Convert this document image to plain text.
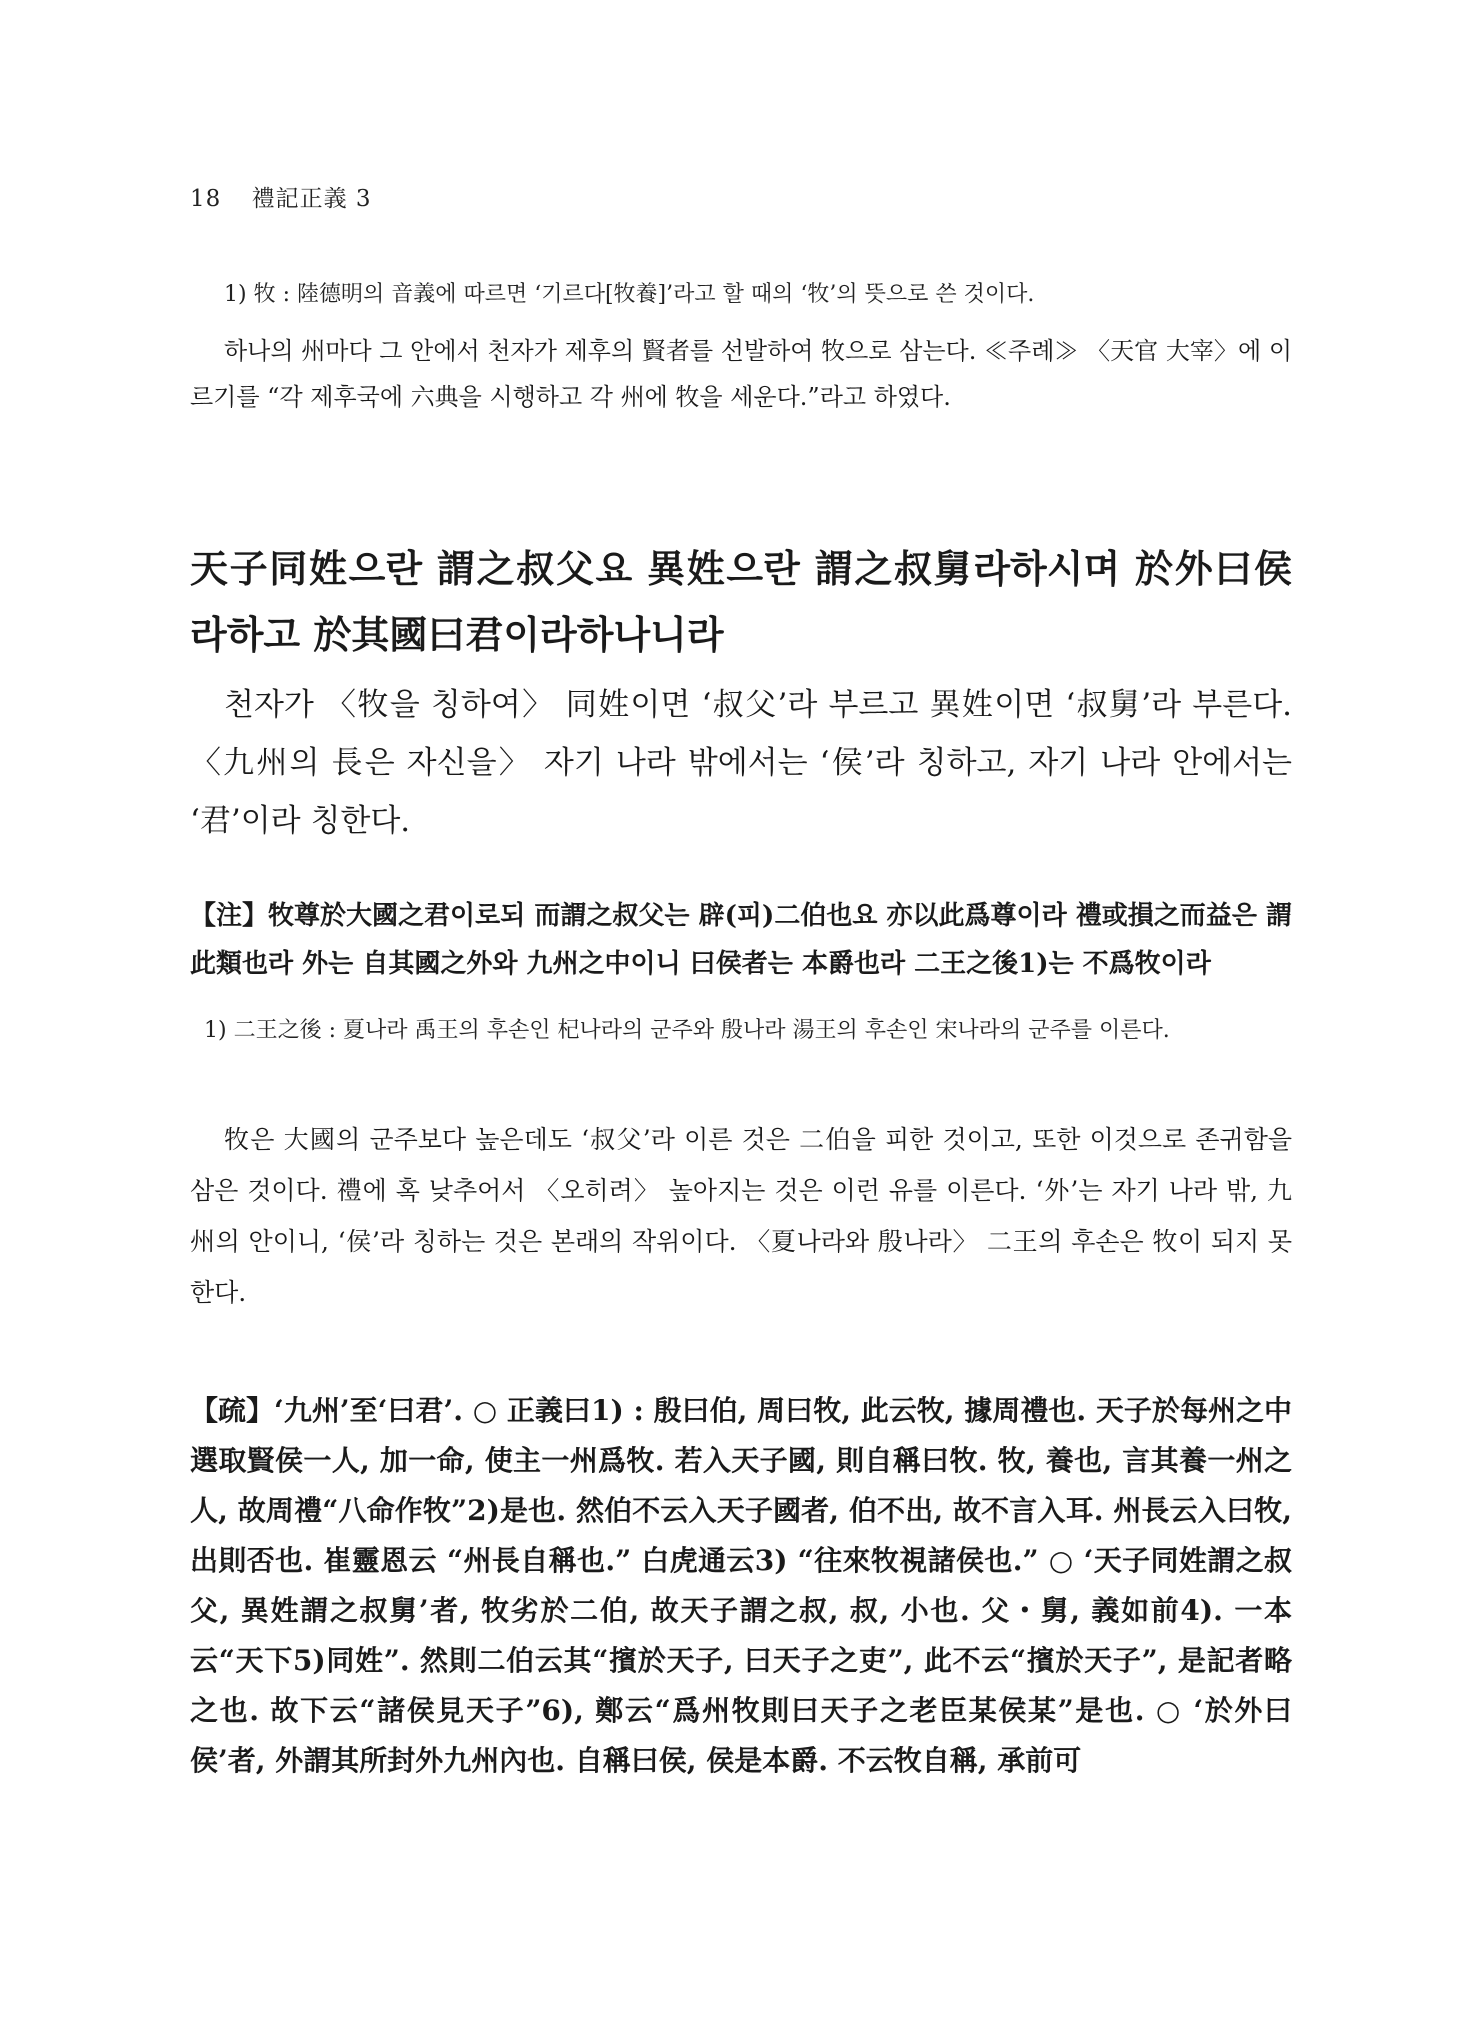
18 禮記正義 3

1) 牧 : 陸德明의 音義에 따르면 ‘기르다[牧養]’라고 할 때의 ‘牧’의 뜻으로 쓴 것이다.

하나의 州마다 그 안에서 천자가 제후의 賢者를 선발하여 牧으로 삼는다. ≪주례≫ 〈天官 大宰〉에 이르기를 “각 제후국에 六典을 시행하고 각 州에 牧을 세운다.”라고 하였다.

天子同姓으란 謂之叔父요 異姓으란 謂之叔舅라하시며 於外曰侯라하고 於其國曰君이라하나니라

천자가 〈牧을 칭하여〉 同姓이면 ‘叔父’라 부르고 異姓이면 ‘叔舅’라 부른다. 〈九州의 長은 자신을〉 자기 나라 밖에서는 ‘侯’라 칭하고, 자기 나라 안에서는 ‘君’이라 칭한다.

【注】牧尊於大國之君이로되 而謂之叔父는 辟(피)二伯也요 亦以此爲尊이라 禮或損之而益은 謂此類也라 外는 自其國之外와 九州之中이니 曰侯者는 本爵也라 二王之後1)는 不爲牧이라

1) 二王之後 : 夏나라 禹王의 후손인 杞나라의 군주와 殷나라 湯王의 후손인 宋나라의 군주를 이른다.

牧은 大國의 군주보다 높은데도 ‘叔父’라 이른 것은 二伯을 피한 것이고, 또한 이것으로 존귀함을 삼은 것이다. 禮에 혹 낮추어서 〈오히려〉 높아지는 것은 이런 유를 이른다. ‘外’는 자기 나라 밖, 九州의 안이니, ‘侯’라 칭하는 것은 본래의 작위이다. 〈夏나라와 殷나라〉 二王의 후손은 牧이 되지 못한다.

【疏】‘九州’至‘曰君’. ○ 正義曰1) : 殷曰伯, 周曰牧, 此云牧, 據周禮也. 天子於每州之中選取賢侯一人, 加一命, 使主一州爲牧. 若入天子國, 則自稱曰牧. 牧, 養也, 言其養一州之人, 故周禮“八命作牧”2)是也. 然伯不云入天子國者, 伯不出, 故不言入耳. 州長云入曰牧, 出則否也. 崔靈恩云 “州長自稱也.” 白虎通云3) “往來牧視諸侯也.” ○ ‘天子同姓謂之叔父, 異姓謂之叔舅’者, 牧劣於二伯, 故天子謂之叔, 叔, 小也. 父・舅, 義如前4). 一本云“天下5)同姓”. 然則二伯云其“擯於天子, 曰天子之吏”, 此不云“擯於天子”, 是記者略之也. 故下云“諸侯見天子”6), 鄭云“爲州牧則曰天子之老臣某侯某”是也. ○ ‘於外曰侯’者, 外謂其所封外九州內也. 自稱曰侯, 侯是本爵. 不云牧自稱, 承前可
